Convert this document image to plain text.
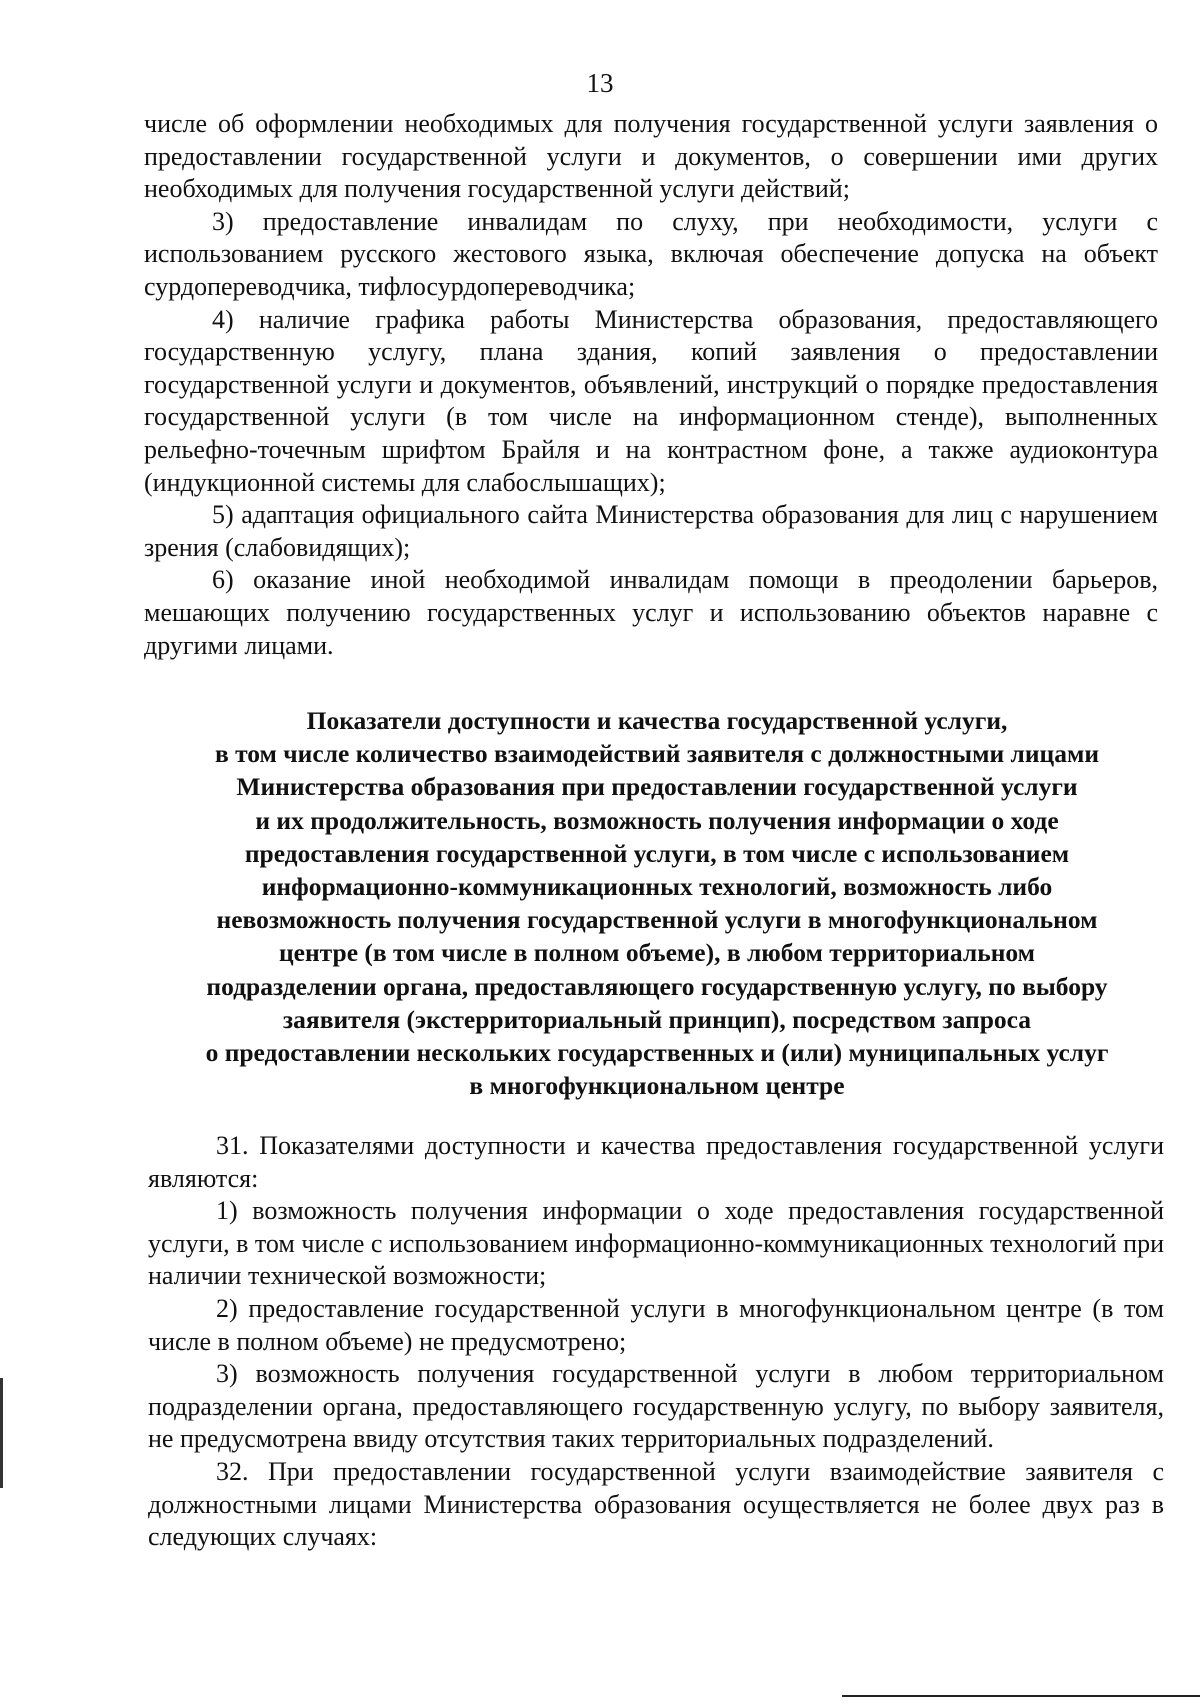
13

числе об оформлении необходимых для получения государственной услуги заявления о предоставлении государственной услуги и документов, о совершении ими других необходимых для получения государственной услуги действий;

3) предоставление инвалидам по слуху, при необходимости, услуги с использованием русского жестового языка, включая обеспечение допуска на объект сурдопереводчика, тифлосурдопереводчика;

4) наличие графика работы Министерства образования, предоставляющего государственную услугу, плана здания, копий заявления о предоставлении государственной услуги и документов, объявлений, инструкций о порядке предоставления государственной услуги (в том числе на информационном стенде), выполненных рельефно-точечным шрифтом Брайля и на контрастном фоне, а также аудиоконтура (индукционной системы для слабослышащих);

5) адаптация официального сайта Министерства образования для лиц с нарушением зрения (слабовидящих);

6) оказание иной необходимой инвалидам помощи в преодолении барьеров, мешающих получению государственных услуг и использованию объектов наравне с другими лицами.

Показатели доступности и качества государственной услуги,
в том числе количество взаимодействий заявителя с должностными лицами
Министерства образования при предоставлении государственной услуги
и их продолжительность, возможность получения информации о ходе
предоставления государственной услуги, в том числе с использованием
информационно-коммуникационных технологий, возможность либо
невозможность получения государственной услуги в многофункциональном
центре (в том числе в полном объеме), в любом территориальном
подразделении органа, предоставляющего государственную услугу, по выбору
заявителя (экстерриториальный принцип), посредством запроса
о предоставлении нескольких государственных и (или) муниципальных услуг
в многофункциональном центре

31. Показателями доступности и качества предоставления государственной услуги являются:

1) возможность получения информации о ходе предоставления государственной услуги, в том числе с использованием информационно-коммуникационных технологий при наличии технической возможности;

2) предоставление государственной услуги в многофункциональном центре (в том числе в полном объеме) не предусмотрено;

3) возможность получения государственной услуги в любом территориальном подразделении органа, предоставляющего государственную услугу, по выбору заявителя, не предусмотрена ввиду отсутствия таких территориальных подразделений.

32. При предоставлении государственной услуги взаимодействие заявителя с должностными лицами Министерства образования осуществляется не более двух раз в следующих случаях:
